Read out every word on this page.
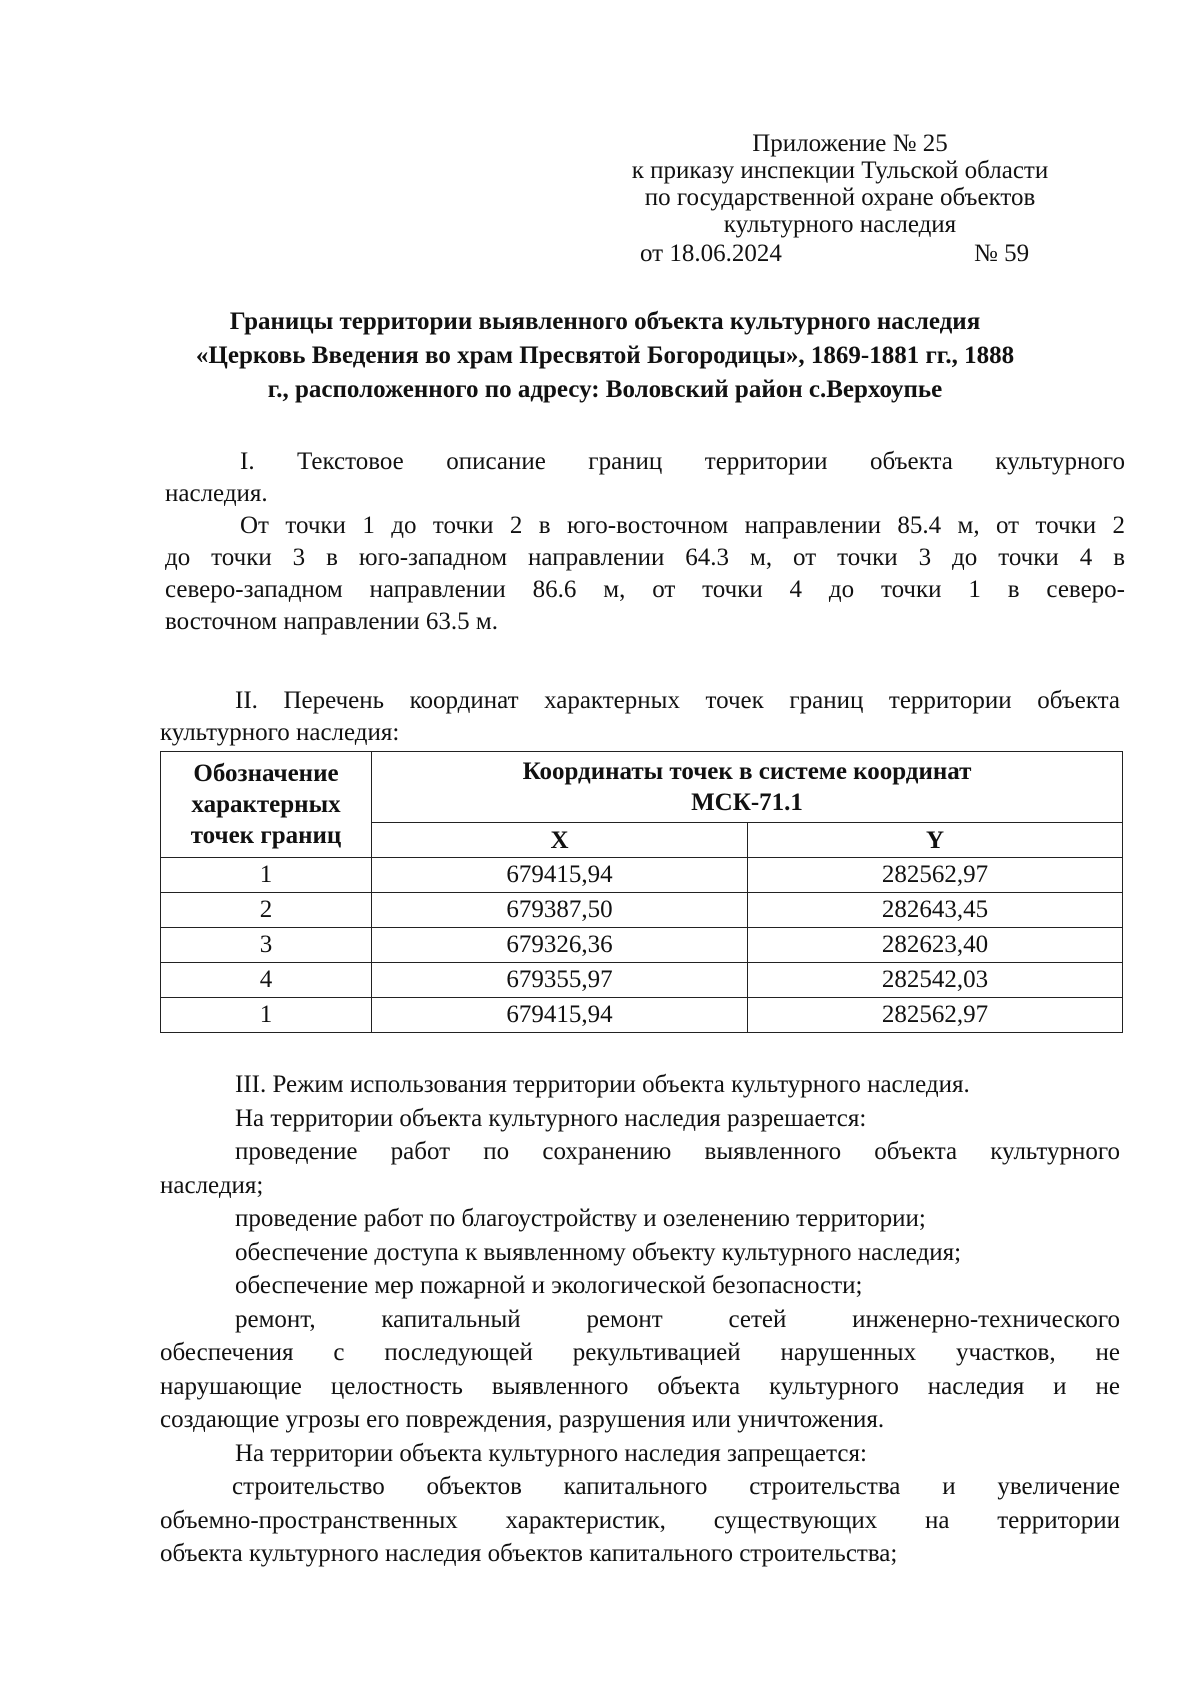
Приложение № 25
к приказу инспекции Тульской области
по государственной охране объектов
культурного наследия
от 18.06.2024	№ 59
Границы территории выявленного объекта культурного наследия
«Церковь Введения во храм Пресвятой Богородицы», 1869-1881 гг., 1888
г., расположенного по адресу: Воловский район с.Верхоупье
I. Текстовое описание границ территории объекта культурного
наследия.
От точки 1 до точки 2 в юго-восточном направлении 85.4 м, от точки 2
до точки 3 в юго-западном направлении 64.3 м, от точки 3 до точки 4 в
северо-западном направлении 86.6 м, от точки 4 до точки 1 в северо-
восточном направлении 63.5 м.
II. Перечень координат характерных точек границ территории объекта
культурного наследия:
Обозначение характерных точек границ	Координаты точек в системе координат
МСК-71.1	

	X	Y
1	679415,94	282562,97
2	679387,50	282643,45
3	679326,36	282623,40
4	679355,97	282542,03
1	679415,94	282562,97
III. Режим использования территории объекта культурного наследия.
На территории объекта культурного наследия разрешается:
проведение работ по сохранению выявленного объекта культурного
наследия;
проведение работ по благоустройству и озеленению территории;
обеспечение доступа к выявленному объекту культурного наследия;
обеспечение мер пожарной и экологической безопасности;
ремонт, капитальный ремонт сетей инженерно-технического
обеспечения с последующей рекультивацией нарушенных участков, не
нарушающие целостность выявленного объекта культурного наследия и не
создающие угрозы его повреждения, разрушения или уничтожения.
На территории объекта культурного наследия запрещается:
строительство объектов капитального строительства и увеличение
объемно-пространственных характеристик, существующих на территории
объекта культурного наследия объектов капитального строительства;
